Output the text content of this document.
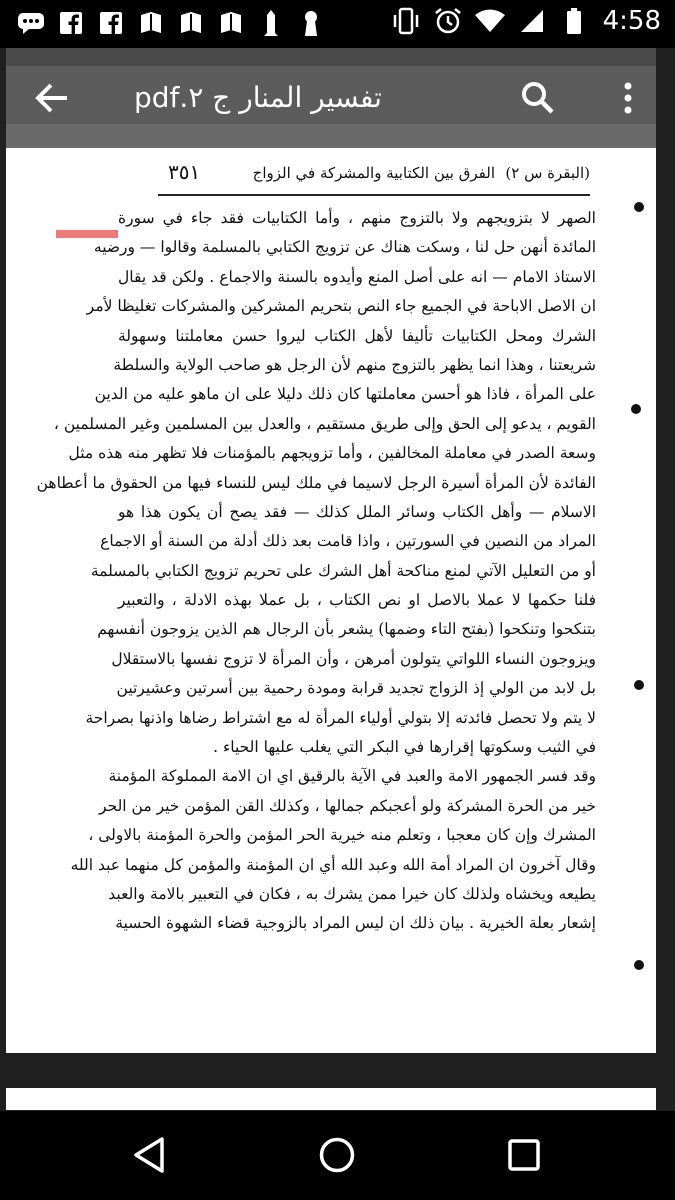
4:58
تفسير المنار ج ٢.pdf
(البقرة س ٢)
الفرق بين الكتابية والمشركة في الزواج
٣٥١
الصهر لا بتزويجهم ولا بالتزوج منهم ، وأما الكتابيات فقد جاء في سورة
المائدة أنهن حل لنا ، وسكت هناك عن تزويج الكتابي بالمسلمة وقالوا — ورضيه
الاستاذ الامام — انه على أصل المنع وأيدوه بالسنة والاجماع . ولكن قد يقال
ان الاصل الاباحة في الجميع جاء النص بتحريم المشركين والمشركات تغليظا لأمر
الشرك ومحل الكتابيات تأليفا لأهل الكتاب ليروا حسن معاملتنا وسهولة
شريعتنا ، وهذا انما يظهر بالتزوج منهم لأن الرجل هو صاحب الولاية والسلطة
على المرأة ، فاذا هو أحسن معاملتها كان ذلك دليلا على ان ماهو عليه من الدين
القويم ، يدعو إلى الحق وإلى طريق مستقيم ، والعدل بين المسلمين وغير المسلمين ،
وسعة الصدر في معاملة المخالفين ، وأما تزويجهم بالمؤمنات فلا تظهر منه هذه مثل
الفائدة لأن المرأة أسيرة الرجل لاسيما في ملك ليس للنساء فيها من الحقوق ما أعطاهن
الاسلام — وأهل الكتاب وسائر الملل كذلك — فقد يصح أن يكون هذا هو
المراد من النصين في السورتين ، واذا قامت بعد ذلك أدلة من السنة أو الاجماع
أو من التعليل الآتي لمنع مناكحة أهل الشرك على تحريم تزويج الكتابي بالمسلمة
فلنا حكمها لا عملا بالاصل او نص الكتاب ، بل عملا بهذه الادلة ، والتعبير
بتنكحوا وتنكحوا (بفتح التاء وضمها) يشعر بأن الرجال هم الذين يزوجون أنفسهم
ويزوجون النساء اللواتي يتولون أمرهن ، وأن المرأة لا تزوج نفسها بالاستقلال
بل لابد من الولي إذ الزواج تجديد قرابة ومودة رحمية بين أسرتين وعشيرتين
لا يتم ولا تحصل فائدته إلا بتولي أولياء المرأة له مع اشتراط رضاها واذنها بصراحة
في الثيب وسكوتها إقرارها في البكر التي يغلب عليها الحياء .
وقد فسر الجمهور الامة والعبد في الآية بالرقيق اي ان الامة المملوكة المؤمنة
خير من الحرة المشركة ولو أعجبكم جمالها ، وكذلك القن المؤمن خير من الحر
المشرك وإن كان معجبا ، وتعلم منه خيرية الحر المؤمن والحرة المؤمنة بالاولى ،
وقال آخرون ان المراد أمة الله وعبد الله أي ان المؤمنة والمؤمن كل منهما عبد الله
يطيعه ويخشاه ولذلك كان خيرا ممن يشرك به ، فكان في التعبير بالامة والعبد
إشعار بعلة الخيرية . بيان ذلك ان ليس المراد بالزوجية قضاء الشهوة الحسية
